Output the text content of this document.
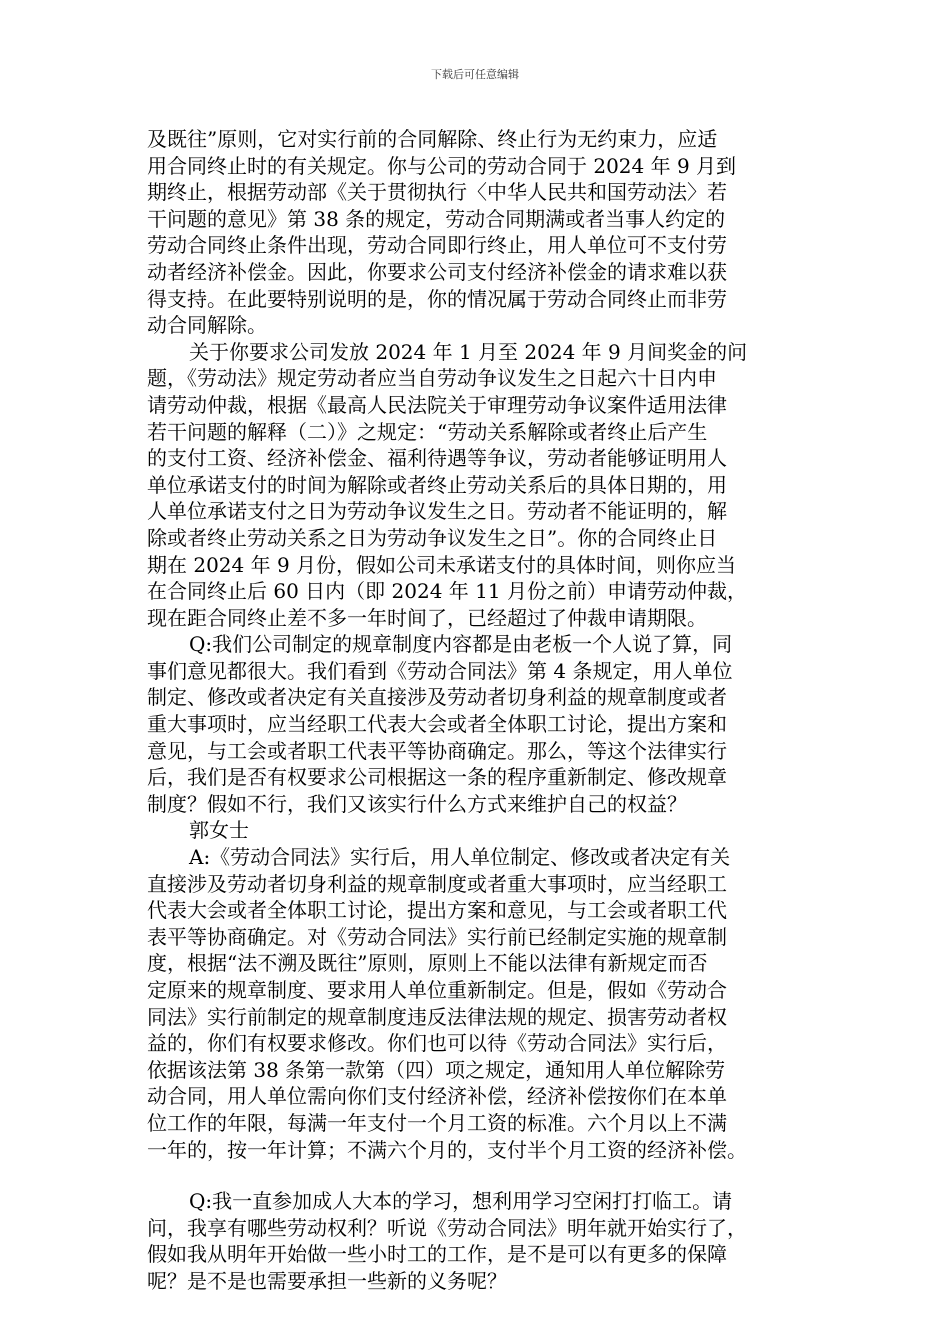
下载后可任意编辑
及既往”原则，它对实行前的合同解除、终止行为无约束力，应适
用合同终止时的有关规定。你与公司的劳动合同于 2024 年 9 月到
期终止，根据劳动部《关于贯彻执行〈中华人民共和国劳动法〉若
干问题的意见》第 38 条的规定，劳动合同期满或者当事人约定的
劳动合同终止条件出现，劳动合同即行终止，用人单位可不支付劳
动者经济补偿金。因此，你要求公司支付经济补偿金的请求难以获
得支持。在此要特别说明的是，你的情况属于劳动合同终止而非劳
动合同解除。
关于你要求公司发放 2024 年 1 月至 2024 年 9 月间奖金的问
题，《劳动法》规定劳动者应当自劳动争议发生之日起六十日内申
请劳动仲裁，根据《最高人民法院关于审理劳动争议案件适用法律
若干问题的解释（二）》之规定：“劳动关系解除或者终止后产生
的支付工资、经济补偿金、福利待遇等争议，劳动者能够证明用人
单位承诺支付的时间为解除或者终止劳动关系后的具体日期的，用
人单位承诺支付之日为劳动争议发生之日。劳动者不能证明的，解
除或者终止劳动关系之日为劳动争议发生之日”。你的合同终止日
期在 2024 年 9 月份，假如公司未承诺支付的具体时间，则你应当
在合同终止后 60 日内（即 2024 年 11 月份之前）申请劳动仲裁，
现在距合同终止差不多一年时间了，已经超过了仲裁申请期限。
Q:我们公司制定的规章制度内容都是由老板一个人说了算，同
事们意见都很大。我们看到《劳动合同法》第 4 条规定，用人单位
制定、修改或者决定有关直接涉及劳动者切身利益的规章制度或者
重大事项时，应当经职工代表大会或者全体职工讨论，提出方案和
意见，与工会或者职工代表平等协商确定。那么，等这个法律实行
后，我们是否有权要求公司根据这一条的程序重新制定、修改规章
制度？假如不行，我们又该实行什么方式来维护自己的权益？
郭女士
A:《劳动合同法》实行后，用人单位制定、修改或者决定有关
直接涉及劳动者切身利益的规章制度或者重大事项时，应当经职工
代表大会或者全体职工讨论，提出方案和意见，与工会或者职工代
表平等协商确定。对《劳动合同法》实行前已经制定实施的规章制
度，根据“法不溯及既往”原则，原则上不能以法律有新规定而否
定原来的规章制度、要求用人单位重新制定。但是，假如《劳动合
同法》实行前制定的规章制度违反法律法规的规定、损害劳动者权
益的，你们有权要求修改。你们也可以待《劳动合同法》实行后，
依据该法第 38 条第一款第（四）项之规定，通知用人单位解除劳
动合同，用人单位需向你们支付经济补偿，经济补偿按你们在本单
位工作的年限，每满一年支付一个月工资的标准。六个月以上不满
一年的，按一年计算；不满六个月的，支付半个月工资的经济补偿。
Q:我一直参加成人大本的学习，想利用学习空闲打打临工。请
问，我享有哪些劳动权利？听说《劳动合同法》明年就开始实行了，
假如我从明年开始做一些小时工的工作，是不是可以有更多的保障
呢？是不是也需要承担一些新的义务呢？
